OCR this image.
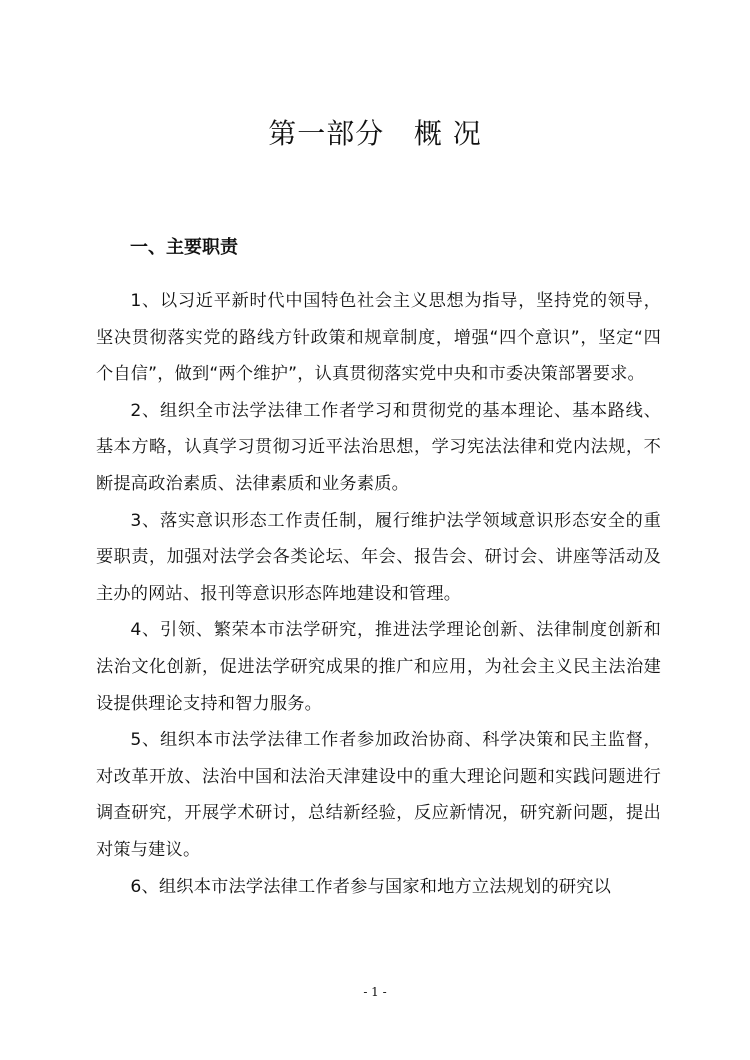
第一部分   概 况
一、主要职责

1、以习近平新时代中国特色社会主义思想为指导，坚持党的领导，坚决贯彻落实党的路线方针政策和规章制度，增强“四个意识”，坚定“四个自信”，做到“两个维护”，认真贯彻落实党中央和市委决策部署要求。

2、组织全市法学法律工作者学习和贯彻党的基本理论、基本路线、基本方略，认真学习贯彻习近平法治思想，学习宪法法律和党内法规，不断提高政治素质、法律素质和业务素质。

3、落实意识形态工作责任制，履行维护法学领域意识形态安全的重要职责，加强对法学会各类论坛、年会、报告会、研讨会、讲座等活动及主办的网站、报刊等意识形态阵地建设和管理。

4、引领、繁荣本市法学研究，推进法学理论创新、法律制度创新和法治文化创新，促进法学研究成果的推广和应用，为社会主义民主法治建设提供理论支持和智力服务。

5、组织本市法学法律工作者参加政治协商、科学决策和民主监督，对改革开放、法治中国和法治天津建设中的重大理论问题和实践问题进行调查研究，开展学术研讨，总结新经验，反应新情况，研究新问题，提出对策与建议。

6、组织本市法学法律工作者参与国家和地方立法规划的研究以

- 1 -
